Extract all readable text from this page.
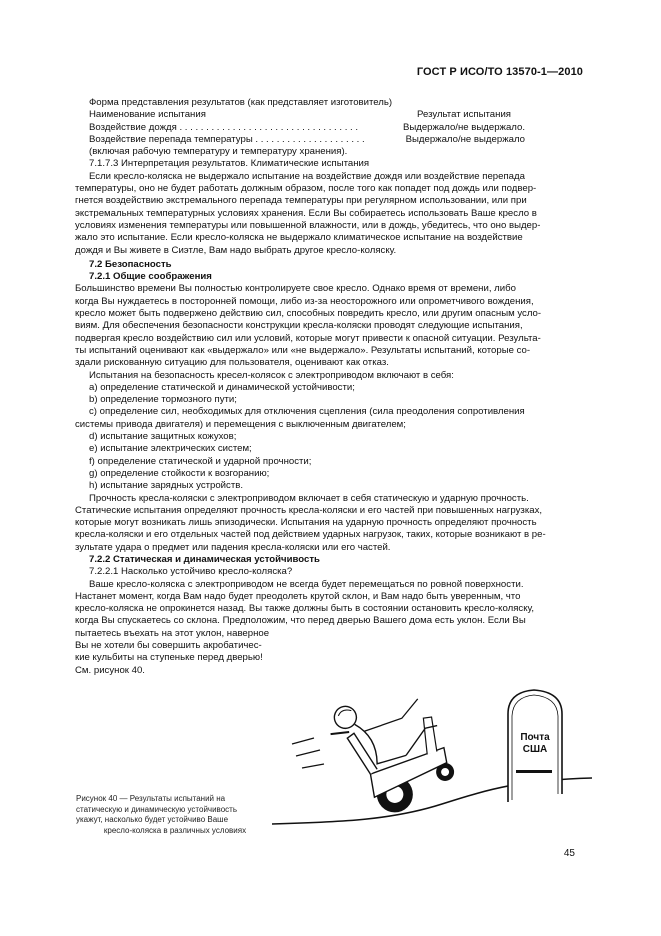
ГОСТ Р ИСО/ТО 13570-1—2010
Форма представления результатов (как представляет изготовитель)
Наименование испытания	Результат испытания
Воздействие дождя . . . . . . . . . . . . . . . . . . . . . . . . . . . . . . . . . .	Выдержало/не выдержало.
Воздействие перепада температуры . . . . . . . . . . . . . . . . . . . . .	Выдержало/не выдержало
(включая рабочую температуру и температуру хранения).
7.1.7.3 Интерпретация результатов. Климатические испытания

Если кресло-коляска не выдержало испытание на воздействие дождя или воздействие перепада
температуры, оно не будет работать должным образом, после того как попадет под дождь или подвер-
гнется воздействию экстремального перепада температуры при регулярном использовании, или при
экстремальных температурных условиях хранения. Если Вы собираетесь использовать Ваше кресло в
условиях изменения температуры или повышенной влажности, или в дождь, убедитесь, что оно выдер-
жало это испытание. Если кресло-коляска не выдержало климатическое испытание на воздействие
дождя и Вы живете в Сиэтле, Вам надо выбрать другое кресло-коляску.

7.2 Безопасность
7.2.1 Общие соображения

Большинство времени Вы полностью контролируете свое кресло. Однако время от времени, либо
когда Вы нуждаетесь в посторонней помощи, либо из-за неосторожного или опрометчивого вождения,
кресло может быть подвержено действию сил, способных повредить кресло, или другим опасным усло-
виям. Для обеспечения безопасности конструкции кресла-коляски проводят следующие испытания,
подвергая кресло воздействию сил или условий, которые могут привести к опасной ситуации. Результа-
ты испытаний оценивают как «выдержало» или «не выдержало». Результаты испытаний, которые со-
здали рискованную ситуацию для пользователя, оценивают как отказ.

Испытания на безопасность кресел-колясок с электроприводом включают в себя:
a) определение статической и динамической устойчивости;
b) определение тормозного пути;
c) определение сил, необходимых для отключения сцепления (сила преодоления сопротивления
системы привода двигателя) и перемещения с выключенным двигателем;
d) испытание защитных кожухов;
e) испытание электрических систем;
f) определение статической и ударной прочности;
g) определение стойкости к возгоранию;
h) испытание зарядных устройств.

Прочность кресла-коляски с электроприводом включает в себя статическую и ударную прочность.
Статические испытания определяют прочность кресла-коляски и его частей при повышенных нагрузках,
которые могут возникать лишь эпизодически. Испытания на ударную прочность определяют прочность
кресла-коляски и его отдельных частей под действием ударных нагрузок, таких, которые возникают в ре-
зультате удара о предмет или падения кресла-коляски или его частей.

7.2.2 Статическая и динамическая устойчивость
7.2.2.1 Насколько устойчиво кресло-коляска?

Ваше кресло-коляска с электроприводом не всегда будет перемещаться по ровной поверхности.
Настанет момент, когда Вам надо будет преодолеть крутой склон, и Вам надо быть уверенным, что
кресло-коляска не опрокинется назад. Вы также должны быть в состоянии остановить кресло-коляску,
когда Вы спускаетесь со склона. Предположим, что перед дверью Вашего дома есть уклон. Если Вы

пытаетесь въехать на этот уклон, наверное
Вы не хотели бы совершить акробатичес-
кие кульбиты на ступеньке перед дверью!
См. рисунок 40.
Почта
США
Рисунок 40 — Результаты испытаний на
статическую и динамическую устойчивость
укажут, насколько будет устойчиво Ваше
кресло-коляска в различных условиях
45
